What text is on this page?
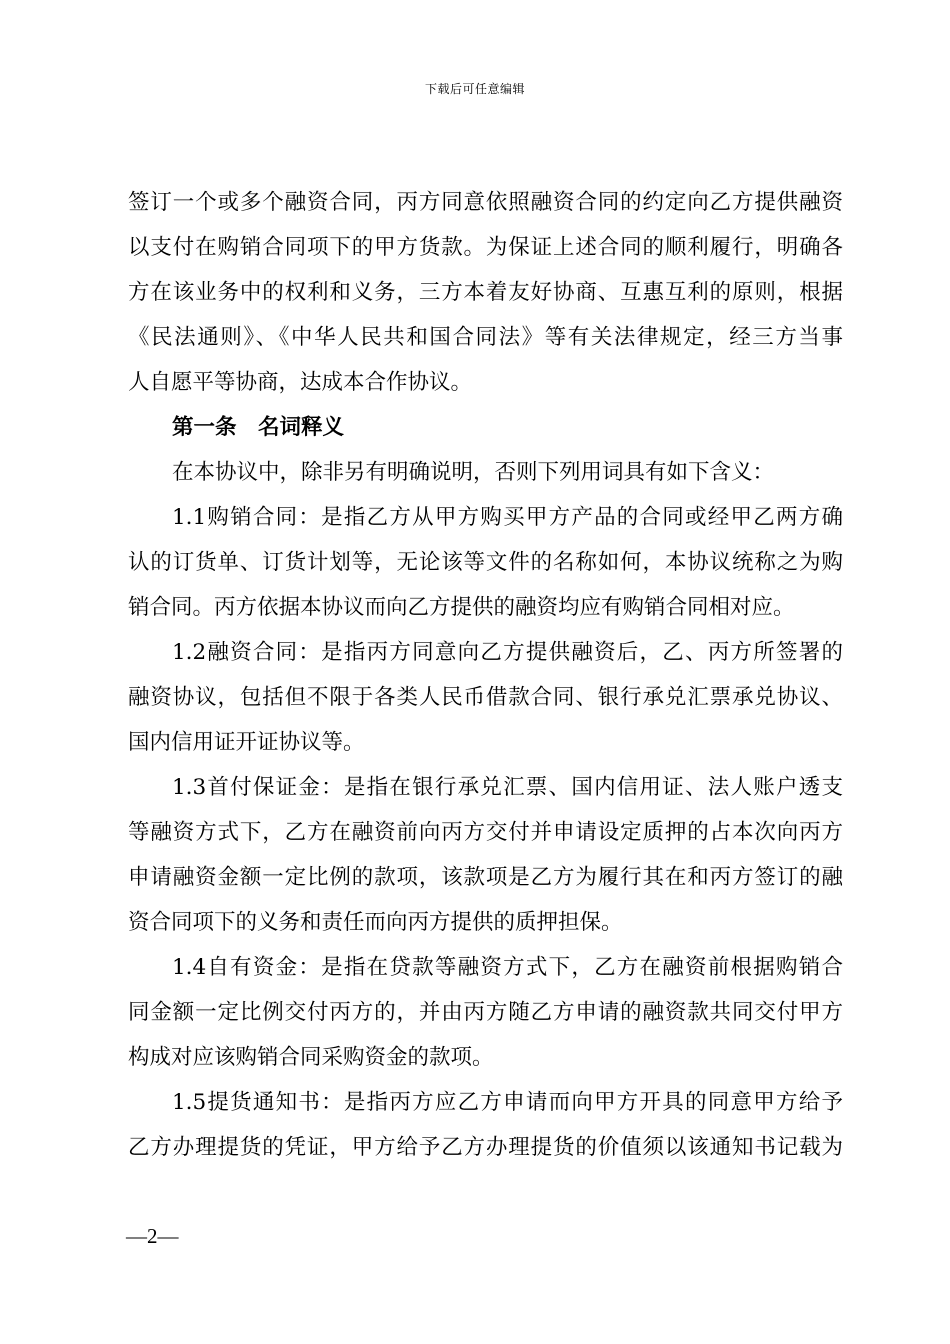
下载后可任意编辑
签订一个或多个融资合同，丙方同意依照融资合同的约定向乙方提供融资
以支付在购销合同项下的甲方货款。为保证上述合同的顺利履行，明确各
方在该业务中的权利和义务，三方本着友好协商、互惠互利的原则，根据
《民法通则》、《中华人民共和国合同法》等有关法律规定，经三方当事
人自愿平等协商，达成本合作协议。
第一条　名词释义
在本协议中，除非另有明确说明，否则下列用词具有如下含义：
1.1购销合同：是指乙方从甲方购买甲方产品的合同或经甲乙两方确
认的订货单、订货计划等，无论该等文件的名称如何，本协议统称之为购
销合同。丙方依据本协议而向乙方提供的融资均应有购销合同相对应。
1.2融资合同：是指丙方同意向乙方提供融资后，乙、丙方所签署的
融资协议，包括但不限于各类人民币借款合同、银行承兑汇票承兑协议、
国内信用证开证协议等。
1.3首付保证金：是指在银行承兑汇票、国内信用证、法人账户透支
等融资方式下，乙方在融资前向丙方交付并申请设定质押的占本次向丙方
申请融资金额一定比例的款项，该款项是乙方为履行其在和丙方签订的融
资合同项下的义务和责任而向丙方提供的质押担保。
1.4自有资金：是指在贷款等融资方式下，乙方在融资前根据购销合
同金额一定比例交付丙方的，并由丙方随乙方申请的融资款共同交付甲方
构成对应该购销合同采购资金的款项。
1.5提货通知书：是指丙方应乙方申请而向甲方开具的同意甲方给予
乙方办理提货的凭证，甲方给予乙方办理提货的价值须以该通知书记载为
—2—
